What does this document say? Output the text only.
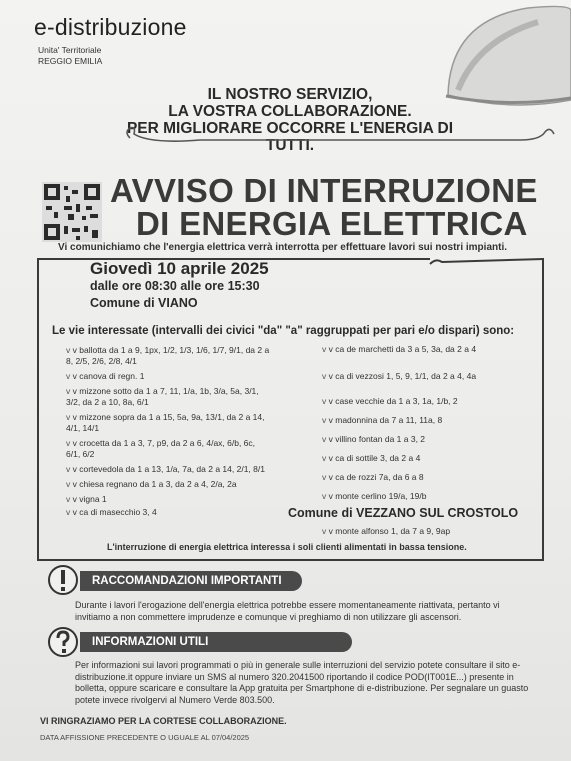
e-distribuzione
Unita' Territoriale
REGGIO EMILIA
IL NOSTRO SERVIZIO,
LA VOSTRA COLLABORAZIONE.
PER MIGLIORARE OCCORRE L'ENERGIA DI TUTTI.
AVVISO DI INTERRUZIONE
DI ENERGIA ELETTRICA
Vi comunichiamo che l'energia elettrica verrà interrotta per effettuare lavori sui nostri impianti.
Giovedì 10 aprile 2025
dalle ore 08:30 alle ore 15:30
Comune di VIANO
Le vie interessate (intervalli dei civici "da" "a" raggruppati per pari e/o dispari) sono:
v v ballotta da 1 a 9, 1px, 1/2, 1/3, 1/6, 1/7, 9/1, da 2 a 8, 2/5, 2/6, 2/8, 4/1
v v canova di regn. 1
v v mizzone sotto da 1 a 7, 11, 1/a, 1b, 3/a, 5a, 3/1, 3/2, da 2 a 10, 8a, 6/1
v v mizzone sopra da 1 a 15, 5a, 9a, 13/1, da 2 a 14, 4/1, 14/1
v v crocetta da 1 a 3, 7, p9, da 2 a 6, 4/ax, 6/b, 6c, 6/1, 6/2
v v cortevedola da 1 a 13, 1/a, 7a, da 2 a 14, 2/1, 8/1
v v chiesa regnano da 1 a 3, da 2 a 4, 2/a, 2a
v v vigna 1
v v ca di masecchio 3, 4
v v ca de marchetti da 3 a 5, 3a, da 2 a 4
v v ca di vezzosi 1, 5, 9, 1/1, da 2 a 4, 4a
v v case vecchie da 1 a 3, 1a, 1/b, 2
v v madonnina da 7 a 11, 11a, 8
v v villino fontan da 1 a 3, 2
v v ca di sottile 3, da 2 a 4
v v ca de rozzi 7a, da 6 a 8
v v monte cerlino 19/a, 19/b
Comune di VEZZANO SUL CROSTOLO
v v monte alfonso 1, da 7 a 9, 9ap
L'interruzione di energia elettrica interessa i soli clienti alimentati in bassa tensione.
RACCOMANDAZIONI IMPORTANTI
Durante i lavori l'erogazione dell'energia elettrica potrebbe essere momentaneamente riattivata, pertanto vi invitiamo a non commettere imprudenze e comunque vi preghiamo di non utilizzare gli ascensori.
INFORMAZIONI UTILI
Per informazioni sui lavori programmati o più in generale sulle interruzioni del servizio potete consultare il sito e-distribuzione.it oppure inviare un SMS al numero 320.2041500 riportando il codice POD(IT001E...) presente in bolletta, oppure scaricare e consultare la App gratuita per Smartphone di e-distribuzione. Per segnalare un guasto potete invece rivolgervi al Numero Verde 803.500.
VI RINGRAZIAMO PER LA CORTESE COLLABORAZIONE.
DATA AFFISSIONE PRECEDENTE O UGUALE AL 07/04/2025
